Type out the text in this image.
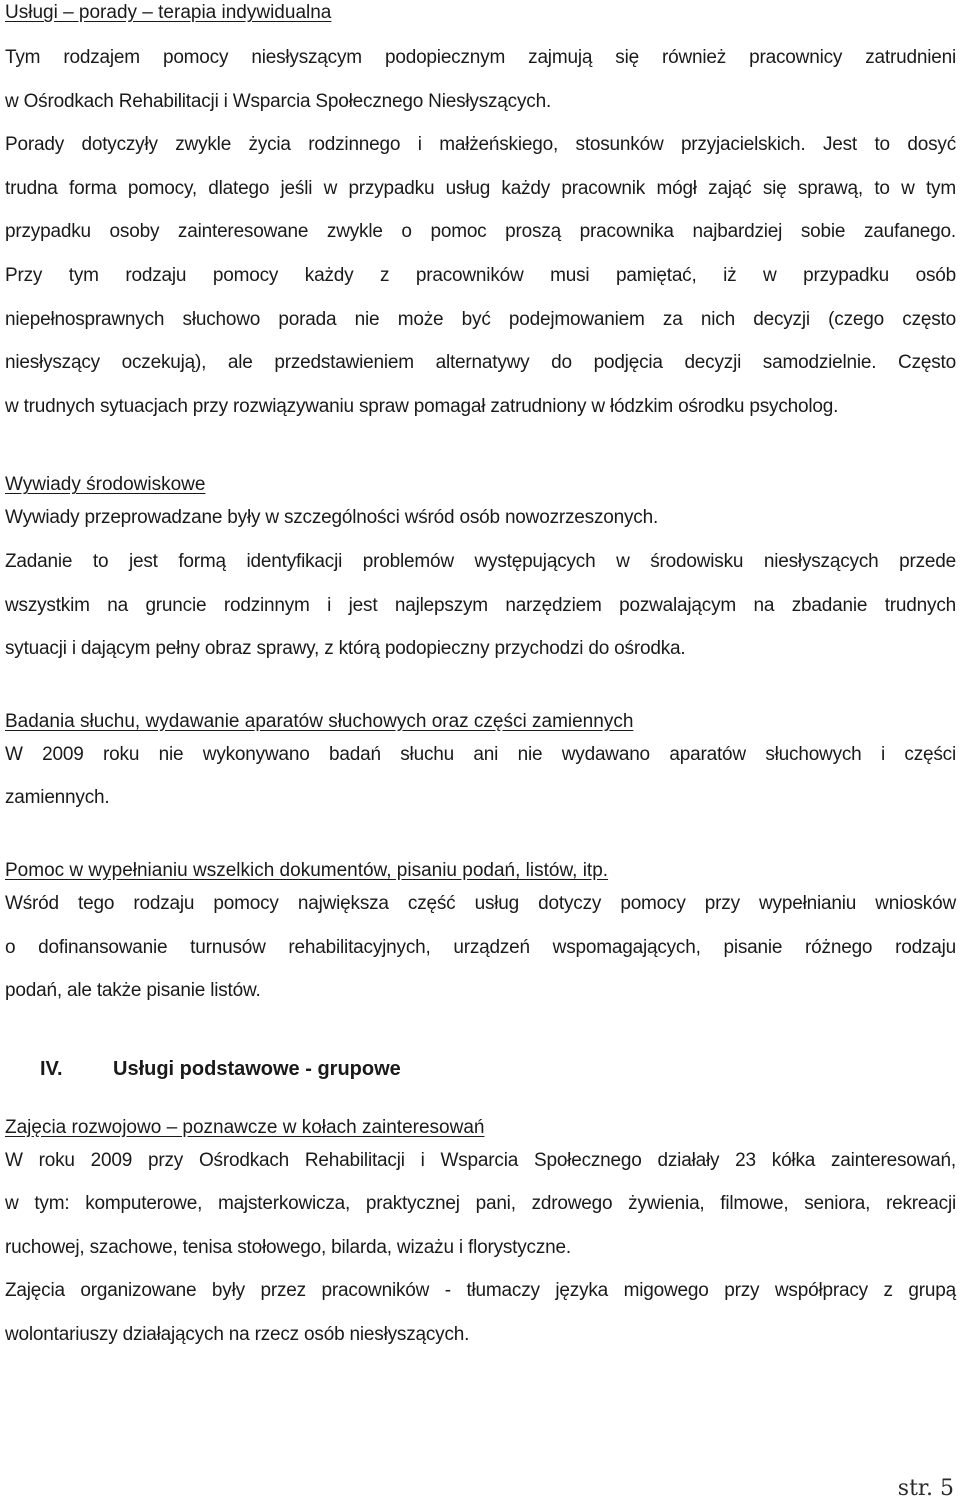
Usługi – porady – terapia indywidualna

Tym rodzajem pomocy niesłyszącym podopiecznym zajmują się również pracownicy zatrudnieni

w Ośrodkach Rehabilitacji i Wsparcia Społecznego Niesłyszących.

Porady dotyczyły zwykle życia rodzinnego i małżeńskiego, stosunków przyjacielskich. Jest to dosyć

trudna forma pomocy, dlatego jeśli w przypadku usług każdy pracownik mógł zająć się sprawą, to w tym

przypadku osoby zainteresowane zwykle o pomoc proszą pracownika najbardziej sobie zaufanego.

Przy tym rodzaju pomocy każdy z pracowników musi pamiętać, iż w przypadku osób

niepełnosprawnych słuchowo porada nie może być podejmowaniem za nich decyzji (czego często

niesłyszący oczekują), ale przedstawieniem alternatywy do podjęcia decyzji samodzielnie. Często

w trudnych sytuacjach przy rozwiązywaniu spraw pomagał zatrudniony w łódzkim ośrodku psycholog.

Wywiady środowiskowe

Wywiady przeprowadzane były w szczególności wśród osób nowozrzeszonych.

Zadanie to jest formą identyfikacji problemów występujących w środowisku niesłyszących przede

wszystkim na gruncie rodzinnym i jest najlepszym narzędziem pozwalającym na zbadanie trudnych

sytuacji i dającym pełny obraz sprawy, z którą podopieczny przychodzi do ośrodka.

Badania słuchu, wydawanie aparatów słuchowych oraz części zamiennych

W 2009 roku nie wykonywano badań słuchu ani nie wydawano aparatów słuchowych i części

zamiennych.

Pomoc w wypełnianiu wszelkich dokumentów, pisaniu podań, listów, itp.

Wśród tego rodzaju pomocy największa część usług dotyczy pomocy przy wypełnianiu wniosków

o dofinansowanie turnusów rehabilitacyjnych, urządzeń wspomagających, pisanie różnego rodzaju

podań, ale także pisanie listów.

IV.	Usługi podstawowe - grupowe

Zajęcia rozwojowo – poznawcze w kołach zainteresowań

W roku 2009 przy Ośrodkach Rehabilitacji i Wsparcia Społecznego działały 23 kółka zainteresowań,

w tym: komputerowe, majsterkowicza, praktycznej pani, zdrowego żywienia, filmowe, seniora, rekreacji

ruchowej, szachowe, tenisa stołowego, bilarda, wizażu i florystyczne.

Zajęcia organizowane były przez pracowników - tłumaczy języka migowego przy współpracy z grupą

wolontariuszy działających na rzecz osób niesłyszących.

str. 5
